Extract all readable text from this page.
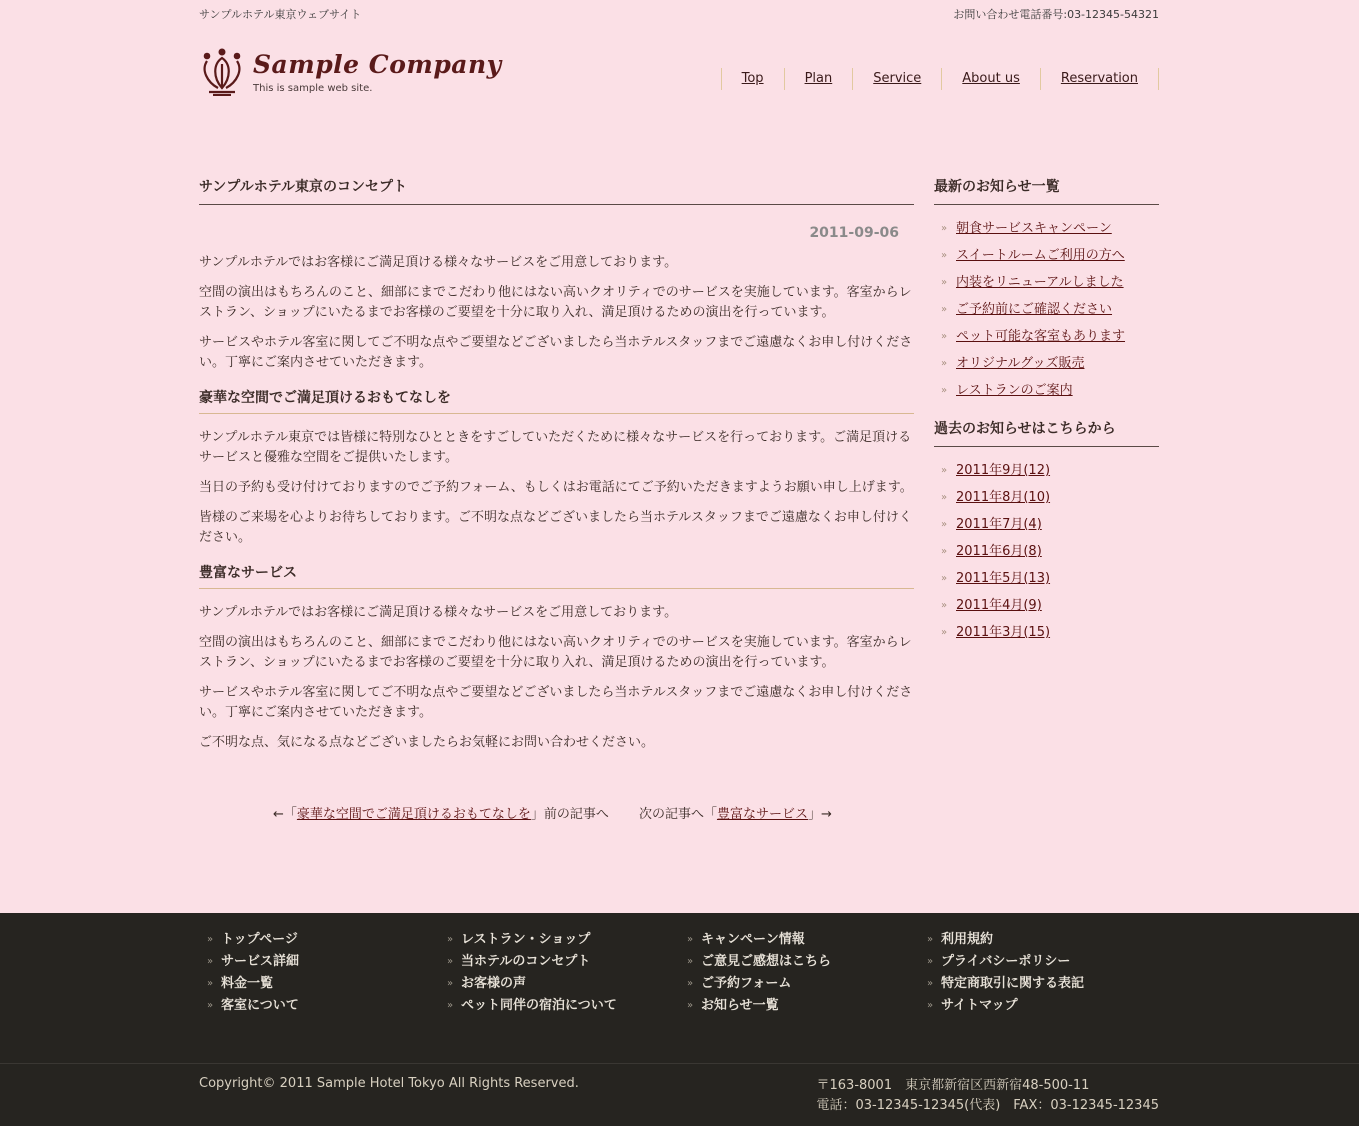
サンプルホテル東京ウェブサイト	お問い合わせ電話番号:03-12345-54321
Sample Company
This is sample web site.
Top	Plan	Service	About us	Reservation
サンプルホテル東京のコンセプト
2011-09-06

サンプルホテルではお客様にご満足頂ける様々なサービスをご用意しております。

空間の演出はもちろんのこと、細部にまでこだわり他にはない高いクオリティでのサービスを実施しています。客室からレストラン、ショップにいたるまでお客様のご要望を十分に取り入れ、満足頂けるための演出を行っています。

サービスやホテル客室に関してご不明な点やご要望などございましたら当ホテルスタッフまでご遠慮なくお申し付けください。丁寧にご案内させていただきます。

豪華な空間でご満足頂けるおもてなしを

サンプルホテル東京では皆様に特別なひとときをすごしていただくために様々なサービスを行っております。ご満足頂けるサービスと優雅な空間をご提供いたします。

当日の予約も受け付けておりますのでご予約フォーム、もしくはお電話にてご予約いただきますようお願い申し上げます。

皆様のご来場を心よりお待ちしております。ご不明な点などございましたら当ホテルスタッフまでご遠慮なくお申し付けください。

豊富なサービス

サンプルホテルではお客様にご満足頂ける様々なサービスをご用意しております。

空間の演出はもちろんのこと、細部にまでこだわり他にはない高いクオリティでのサービスを実施しています。客室からレストラン、ショップにいたるまでお客様のご要望を十分に取り入れ、満足頂けるための演出を行っています。

サービスやホテル客室に関してご不明な点やご要望などございましたら当ホテルスタッフまでご遠慮なくお申し付けください。丁寧にご案内させていただきます。

ご不明な点、気になる点などございましたらお気軽にお問い合わせください。

←「豪華な空間でご満足頂けるおもてなしを」前の記事へ 次の記事へ「豊富なサービス」→
最新のお知らせ一覧
» 朝食サービスキャンペーン
» スイートルームご利用の方へ
» 内装をリニューアルしました
» ご予約前にご確認ください
» ペット可能な客室もあります
» オリジナルグッズ販売
» レストランのご案内
過去のお知らせはこちらから
» 2011年9月(12)
» 2011年8月(10)
» 2011年7月(4)
» 2011年6月(8)
» 2011年5月(13)
» 2011年4月(9)
» 2011年3月(15)
» トップページ
» サービス詳細
» 料金一覧
» 客室について
» レストラン・ショップ
» 当ホテルのコンセプト
» お客様の声
» ペット同伴の宿泊について
» キャンペーン情報
» ご意見ご感想はこちら
» ご予約フォーム
» お知らせ一覧
» 利用規約
» プライバシーポリシー
» 特定商取引に関する表記
» サイトマップ
Copyright© 2011 Sample Hotel Tokyo All Rights Reserved.	〒163-8001　東京都新宿区西新宿48-500-11
電話：03-12345-12345(代表)　FAX：03-12345-12345
